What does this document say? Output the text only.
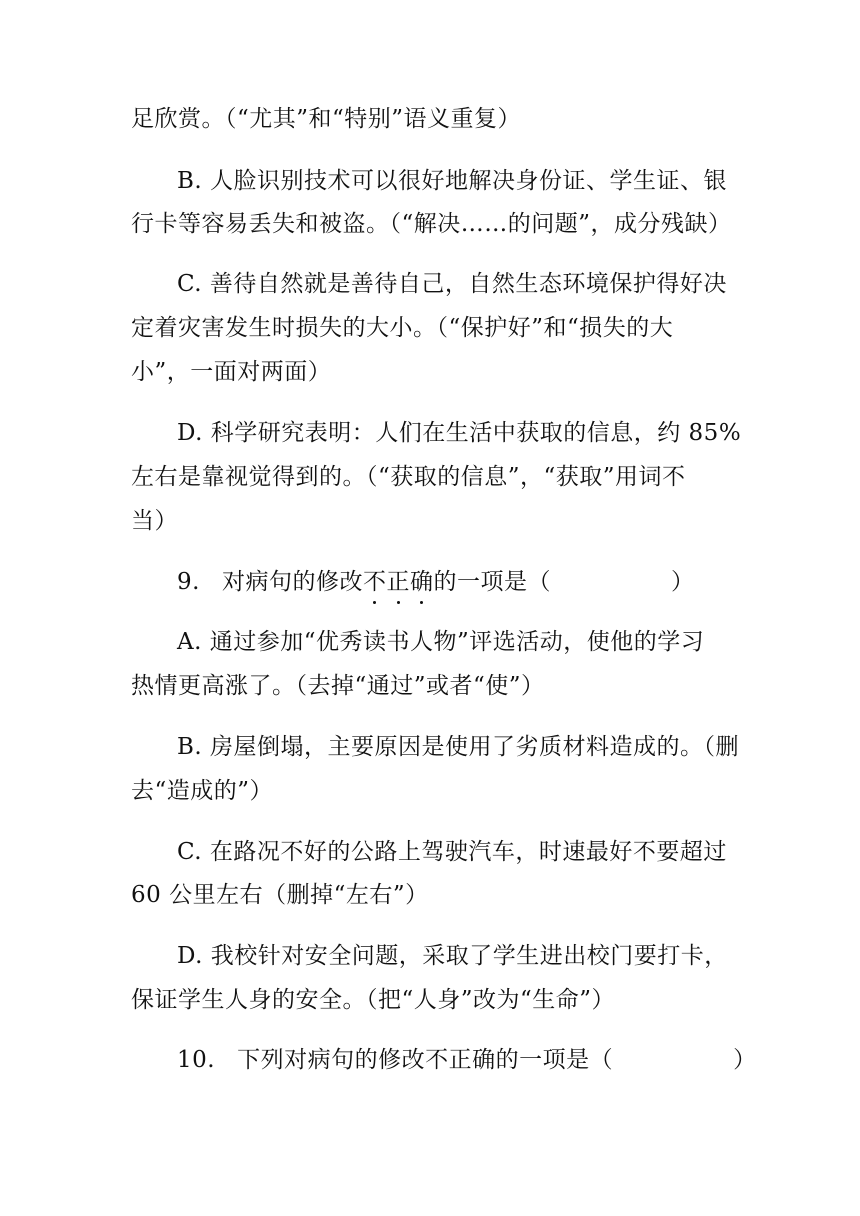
足欣赏。（“尤其”和“特别”语义重复）
B. 人脸识别技术可以很好地解决身份证、学生证、银
行卡等容易丢失和被盗。（“解决……的问题”，成分残缺）
C. 善待自然就是善待自己，自然生态环境保护得好决
定着灾害发生时损失的大小。（“保护好”和“损失的大
小”，一面对两面）
D. 科学研究表明：人们在生活中获取的信息，约 85%
左右是靠视觉得到的。（“获取的信息”，“获取”用词不
当）
9. 对病句的修改不正确的一项是（	）
A. 通过参加“优秀读书人物”评选活动，使他的学习
热情更高涨了。（去掉“通过”或者“使”）
B. 房屋倒塌，主要原因是使用了劣质材料造成的。（删
去“造成的”）
C. 在路况不好的公路上驾驶汽车，时速最好不要超过
60 公里左右（删掉“左右”）
D. 我校针对安全问题，采取了学生进出校门要打卡，
保证学生人身的安全。（把“人身”改为“生命”）
10. 下列对病句的修改不正确的一项是（	）
